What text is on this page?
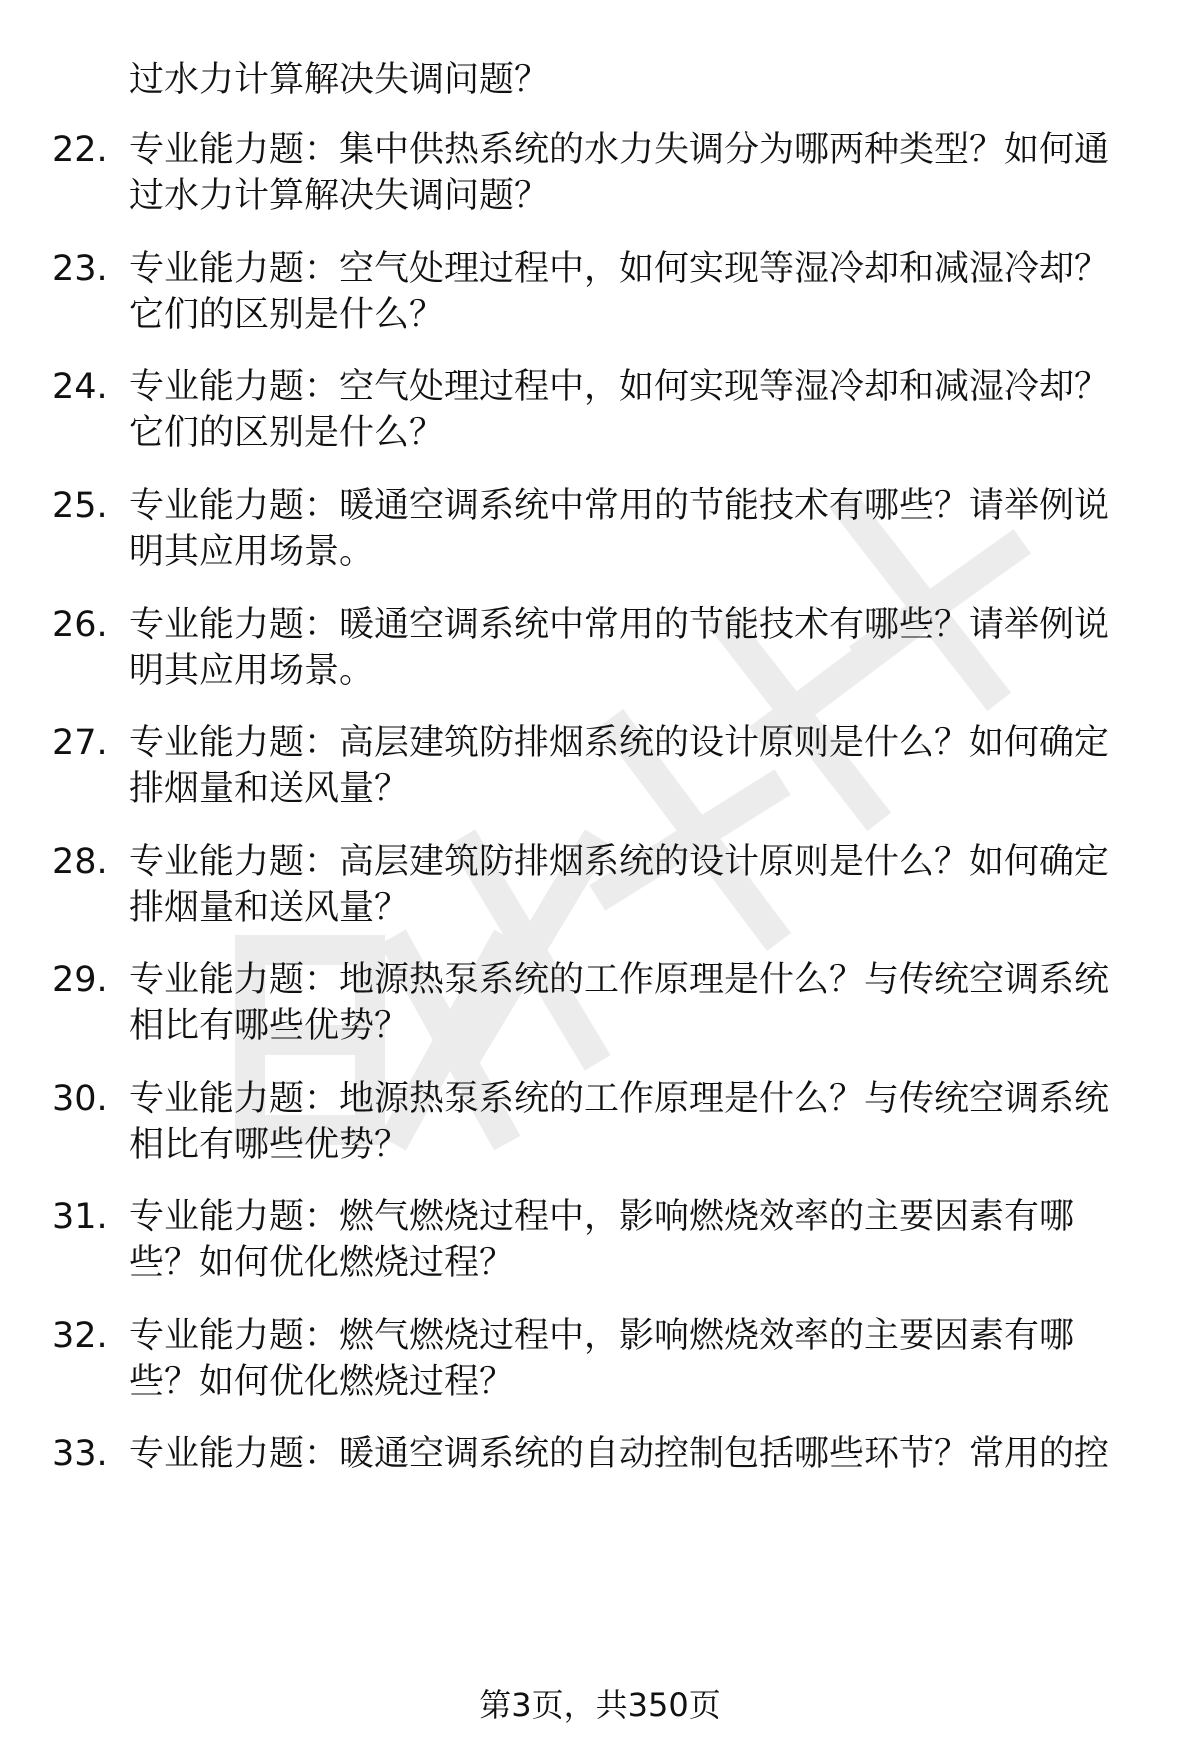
过水力计算解决失调问题？
22. 专业能力题：集中供热系统的水力失调分为哪两种类型？如何通
过水力计算解决失调问题？
23. 专业能力题：空气处理过程中，如何实现等湿冷却和减湿冷却？
它们的区别是什么？
24. 专业能力题：空气处理过程中，如何实现等湿冷却和减湿冷却？
它们的区别是什么？
25. 专业能力题：暖通空调系统中常用的节能技术有哪些？请举例说
明其应用场景。
26. 专业能力题：暖通空调系统中常用的节能技术有哪些？请举例说
明其应用场景。
27. 专业能力题：高层建筑防排烟系统的设计原则是什么？如何确定
排烟量和送风量？
28. 专业能力题：高层建筑防排烟系统的设计原则是什么？如何确定
排烟量和送风量？
29. 专业能力题：地源热泵系统的工作原理是什么？与传统空调系统
相比有哪些优势？
30. 专业能力题：地源热泵系统的工作原理是什么？与传统空调系统
相比有哪些优势？
31. 专业能力题：燃气燃烧过程中，影响燃烧效率的主要因素有哪
些？如何优化燃烧过程？
32. 专业能力题：燃气燃烧过程中，影响燃烧效率的主要因素有哪
些？如何优化燃烧过程？
33. 专业能力题：暖通空调系统的自动控制包括哪些环节？常用的控
第3页，共350页
